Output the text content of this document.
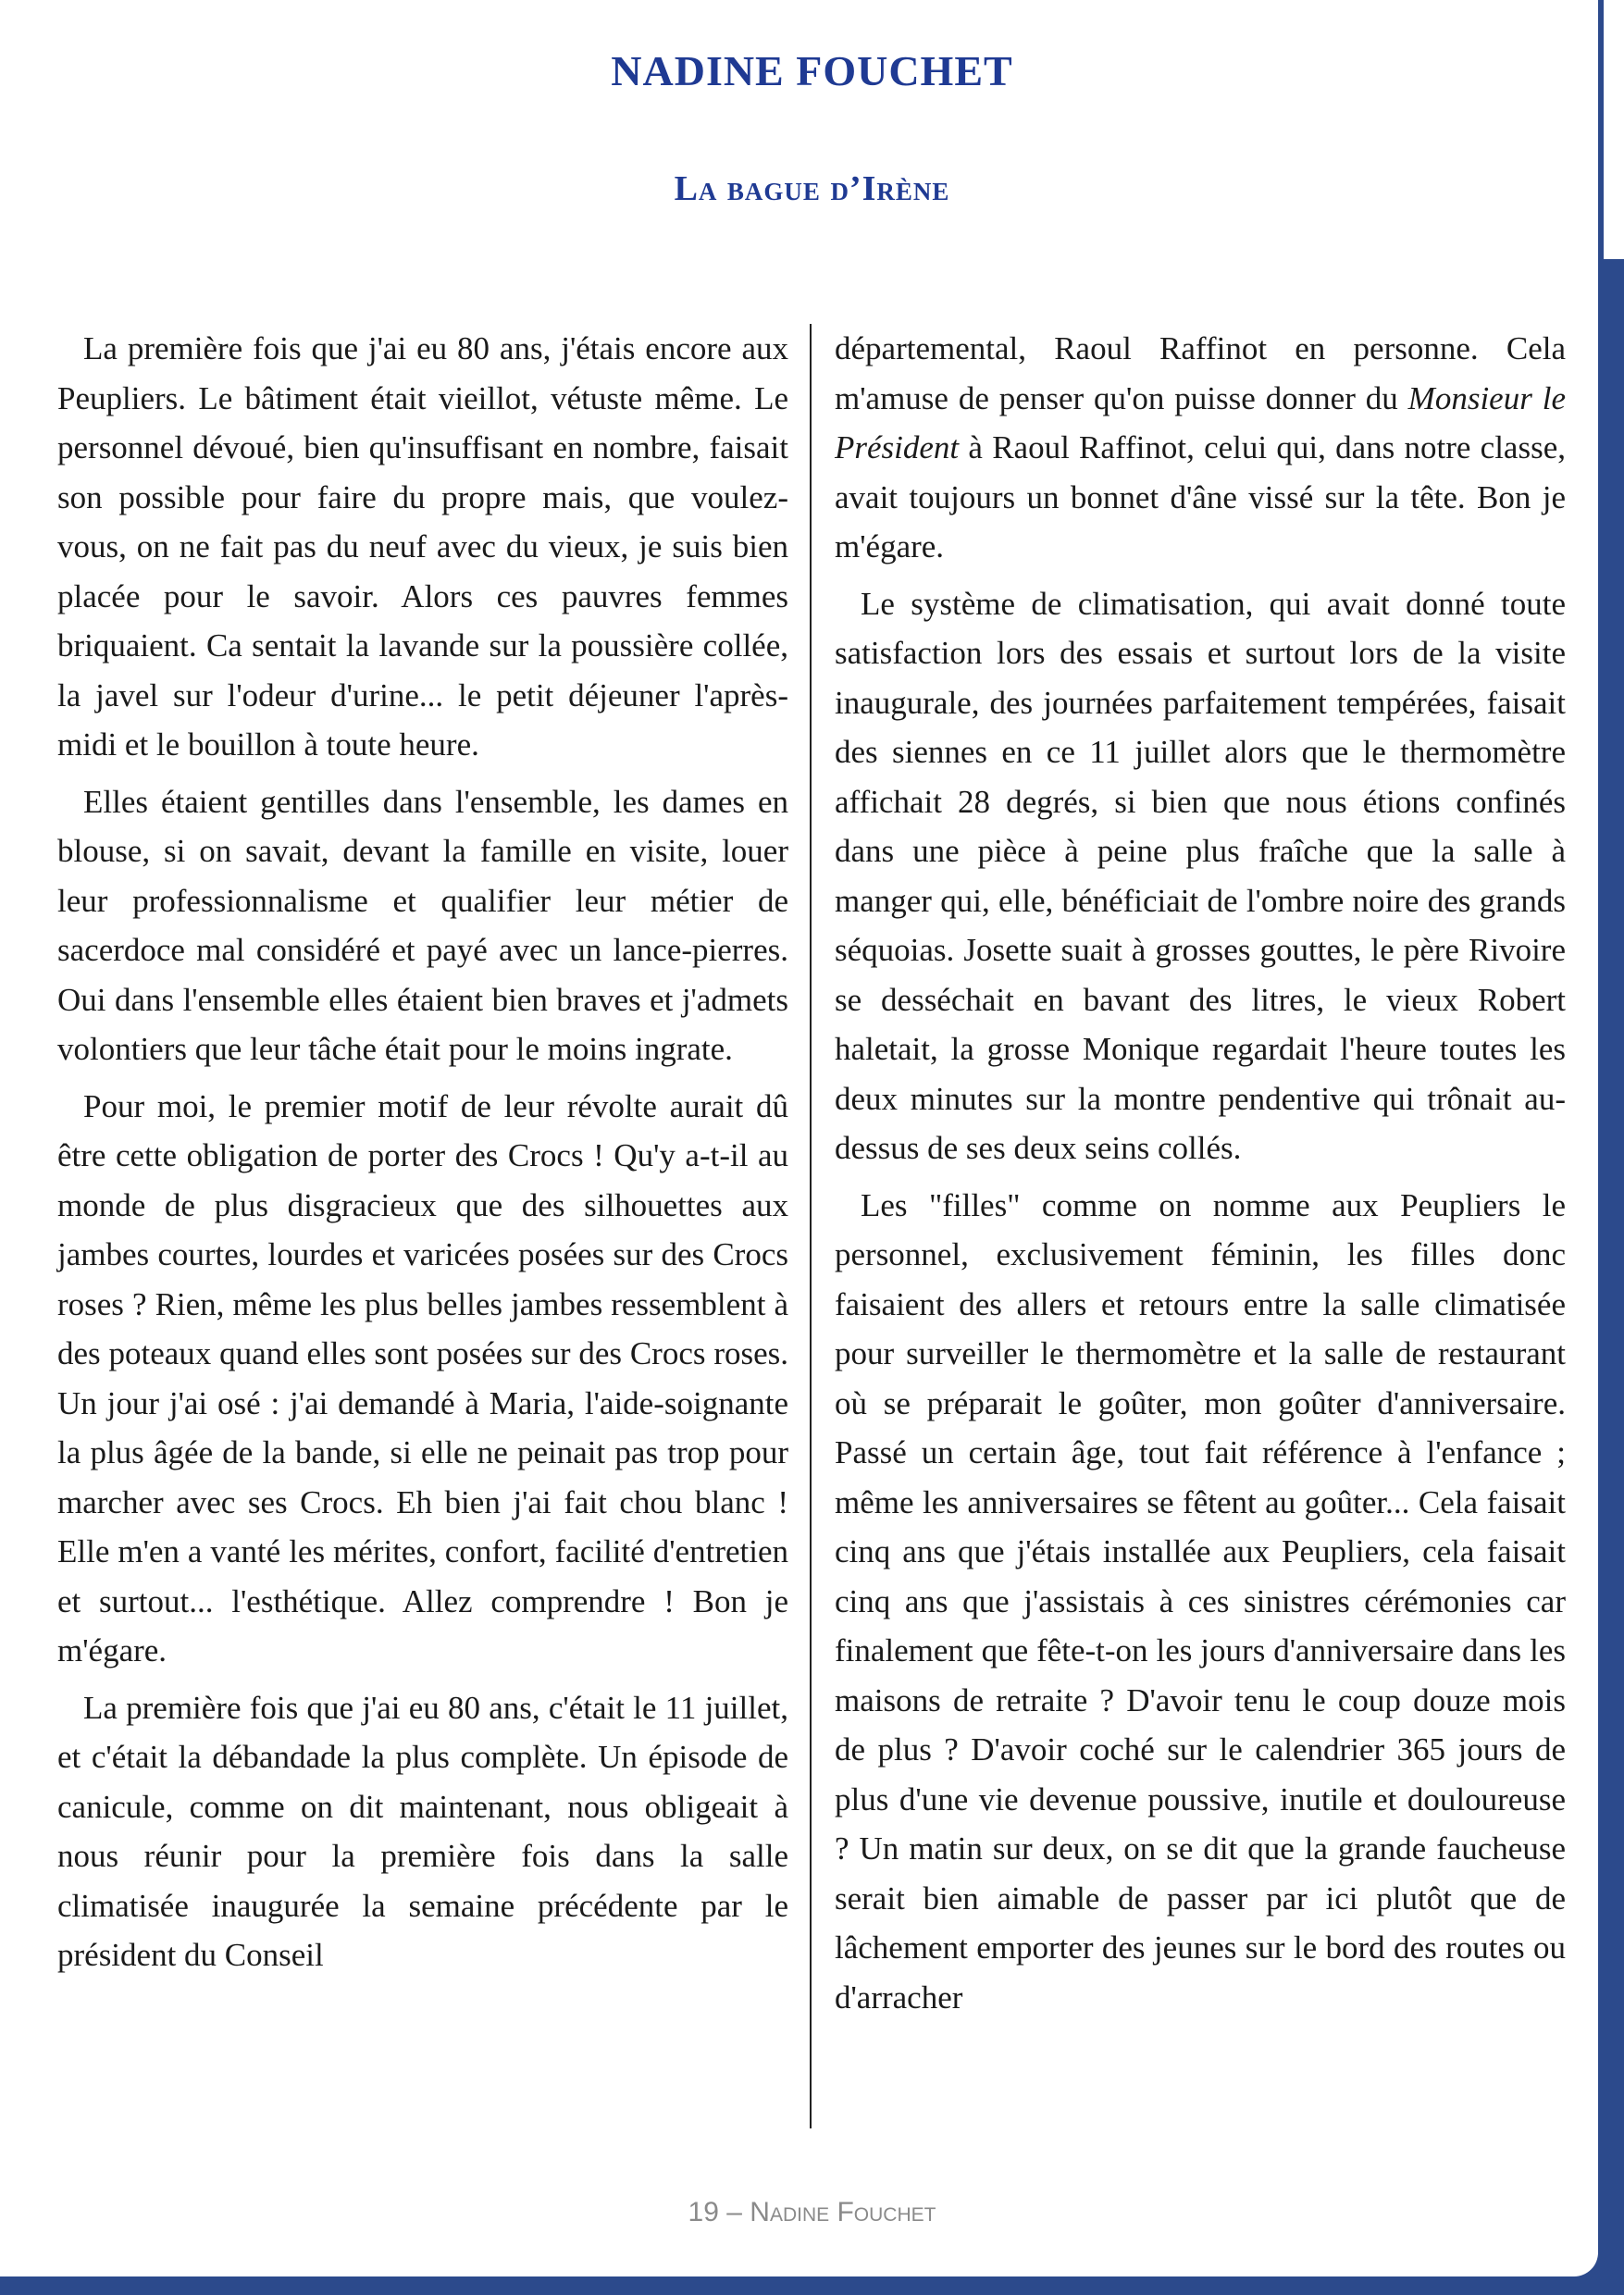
NADINE FOUCHET
La bague d’Irène

La première fois que j'ai eu 80 ans, j'étais encore aux Peupliers. Le bâtiment était vieillot, vétuste même. Le personnel dévoué, bien qu'insuffisant en nombre, faisait son possible pour faire du propre mais, que voulez-vous, on ne fait pas du neuf avec du vieux, je suis bien placée pour le savoir. Alors ces pauvres femmes briquaient. Ca sentait la lavande sur la poussière collée, la javel sur l'odeur d'urine... le petit déjeuner l'après-midi et le bouillon à toute heure.

Elles étaient gentilles dans l'ensemble, les dames en blouse, si on savait, devant la famille en visite, louer leur professionnalisme et qualifier leur métier de sacerdoce mal considéré et payé avec un lance-pierres. Oui dans l'ensemble elles étaient bien braves et j'admets volontiers que leur tâche était pour le moins ingrate.

Pour moi, le premier motif de leur révolte aurait dû être cette obligation de porter des Crocs ! Qu'y a-t-il au monde de plus disgracieux que des silhouettes aux jambes courtes, lourdes et varicées posées sur des Crocs roses ? Rien, même les plus belles jambes ressemblent à des poteaux quand elles sont posées sur des Crocs roses. Un jour j'ai osé : j'ai demandé à Maria, l'aide-soignante la plus âgée de la bande, si elle ne peinait pas trop pour marcher avec ses Crocs. Eh bien j'ai fait chou blanc ! Elle m'en a vanté les mérites, confort, facilité d'entretien et surtout... l'esthétique. Allez comprendre ! Bon je m'égare.

La première fois que j'ai eu 80 ans, c'était le 11 juillet, et c'était la débandade la plus complète. Un épisode de canicule, comme on dit maintenant, nous obligeait à nous réunir pour la première fois dans la salle climatisée inaugurée la semaine précédente par le président du Conseil

départemental, Raoul Raffinot en personne. Cela m'amuse de penser qu'on puisse donner du Monsieur le Président à Raoul Raffinot, celui qui, dans notre classe, avait toujours un bonnet d'âne vissé sur la tête. Bon je m'égare.

Le système de climatisation, qui avait donné toute satisfaction lors des essais et surtout lors de la visite inaugurale, des journées parfaitement tempérées, faisait des siennes en ce 11 juillet alors que le thermomètre affichait 28 degrés, si bien que nous étions confinés dans une pièce à peine plus fraîche que la salle à manger qui, elle, bénéficiait de l'ombre noire des grands séquoias. Josette suait à grosses gouttes, le père Rivoire se desséchait en bavant des litres, le vieux Robert haletait, la grosse Monique regardait l'heure toutes les deux minutes sur la montre pendentive qui trônait au-dessus de ses deux seins collés.

Les "filles" comme on nomme aux Peupliers le personnel, exclusivement féminin, les filles donc faisaient des allers et retours entre la salle climatisée pour surveiller le thermomètre et la salle de restaurant où se préparait le goûter, mon goûter d'anniversaire. Passé un certain âge, tout fait référence à l'enfance ; même les anniversaires se fêtent au goûter... Cela faisait cinq ans que j'étais installée aux Peupliers, cela faisait cinq ans que j'assistais à ces sinistres cérémonies car finalement que fête-t-on les jours d'anniversaire dans les maisons de retraite ? D'avoir tenu le coup douze mois de plus ? D'avoir coché sur le calendrier 365 jours de plus d'une vie devenue poussive, inutile et douloureuse ? Un matin sur deux, on se dit que la grande faucheuse serait bien aimable de passer par ici plutôt que de lâchement emporter des jeunes sur le bord des routes ou d'arracher

19 – Nadine Fouchet
